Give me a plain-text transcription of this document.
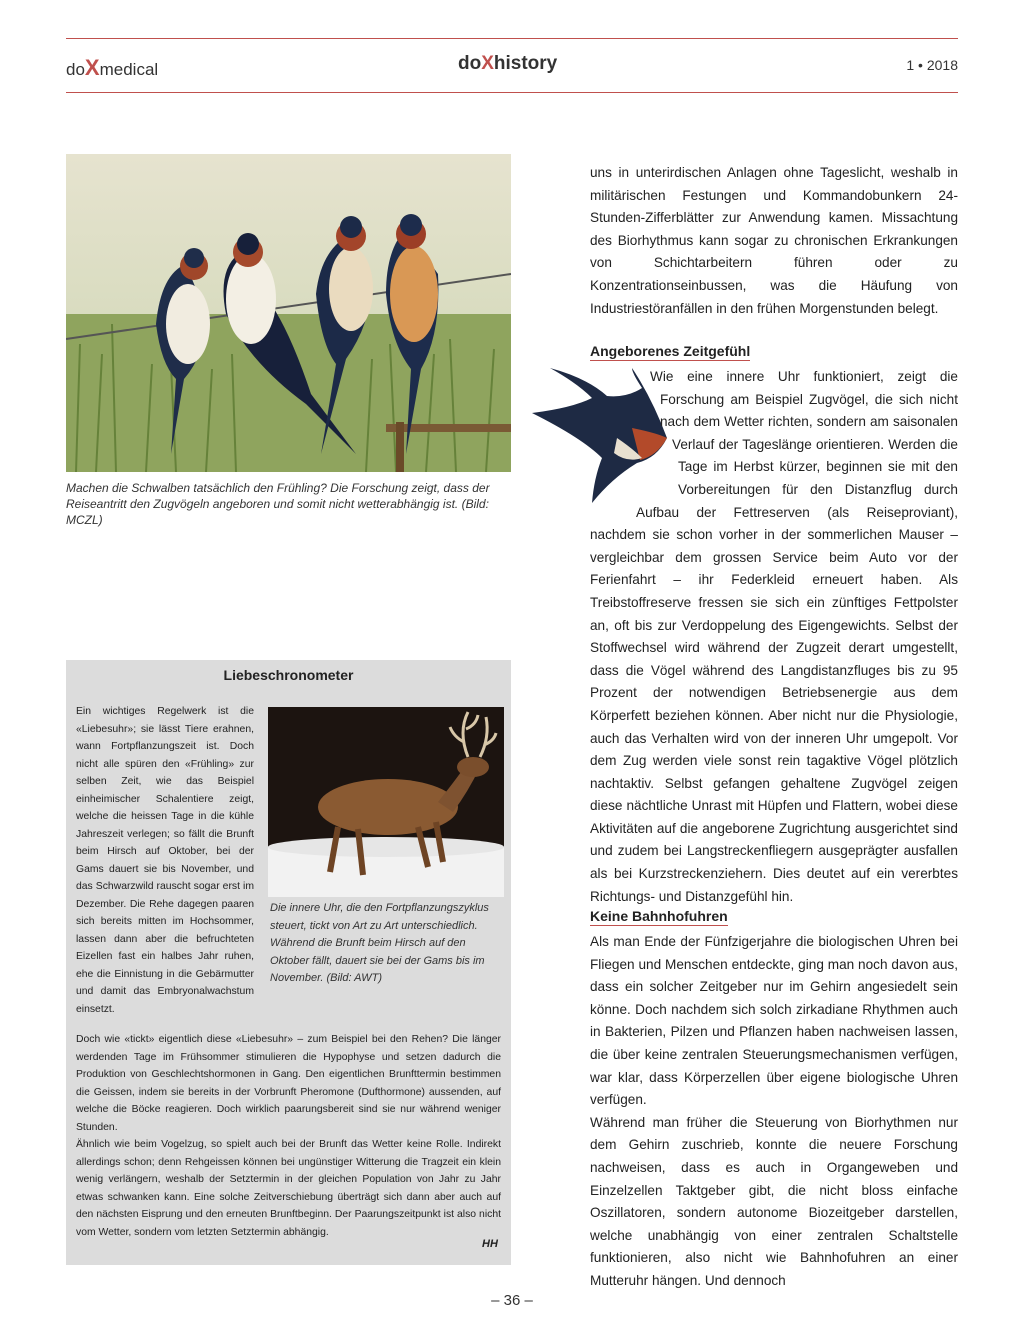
doXmedical	doXhistory	1 • 2018
Machen die Schwalben tatsächlich den Frühling? Die Forschung zeigt, dass der Reiseantritt den Zugvögeln angeboren und somit nicht wetterabhängig ist. (Bild: MCZL)
Liebeschronometer

Ein wichtiges Regelwerk ist die «Liebesuhr»; sie lässt Tiere erahnen, wann Fortpflanzungszeit ist. Doch nicht alle spüren den «Frühling» zur selben Zeit, wie das Beispiel einheimischer Schalentiere zeigt, welche die heissen Tage in die kühle Jahreszeit verlegen; so fällt die Brunft beim Hirsch auf Oktober, bei der Gams dauert sie bis November, und das Schwarzwild rauscht sogar erst im Dezember. Die Rehe dagegen paaren sich bereits mitten im Hochsommer, lassen dann aber die befruchteten Eizellen fast ein halbes Jahr ruhen, ehe die Einnistung in die Gebärmutter und damit das Embryonalwachstum einsetzt.

Die innere Uhr, die den Fortpflanzungszyklus steuert, tickt von Art zu Art unterschiedlich. Während die Brunft beim Hirsch auf den Oktober fällt, dauert sie bei der Gams bis im November. (Bild: AWT)

Doch wie «tickt» eigentlich diese «Liebesuhr» – zum Beispiel bei den Rehen? Die länger werdenden Tage im Frühsommer stimulieren die Hypophyse und setzen dadurch die Produktion von Geschlechtshormonen in Gang. Den eigentlichen Brunfttermin bestimmen die Geissen, indem sie bereits in der Vorbrunft Pheromone (Dufthormone) aussenden, auf welche die Böcke reagieren. Doch wirklich paarungsbereit sind sie nur während weniger Stunden.

Ähnlich wie beim Vogelzug, so spielt auch bei der Brunft das Wetter keine Rolle. Indirekt allerdings schon; denn Rehgeissen können bei ungünstiger Witterung die Tragzeit ein klein wenig verlängern, weshalb der Setztermin in der gleichen Population von Jahr zu Jahr etwas schwanken kann. Eine solche Zeitverschiebung überträgt sich dann aber auch auf den nächsten Eisprung und den erneuten Brunftbeginn. Der Paarungszeitpunkt ist also nicht vom Wetter, sondern vom letzten Setztermin abhängig.

HH

uns in unterirdischen Anlagen ohne Tageslicht, weshalb in militärischen Festungen und Kommandobunkern 24-Stunden-Zifferblätter zur Anwendung kamen. Missachtung des Biorhythmus kann sogar zu chronischen Erkrankungen von Schichtarbeitern führen oder zu Konzentrationseinbussen, was die Häufung von Industriestöranfällen in den frühen Morgenstunden belegt.

Angeborenes Zeitgefühl

Wie eine innere Uhr funktioniert, zeigt die Forschung am Beispiel Zugvögel, die sich nicht nach dem Wetter richten, sondern am saisonalen Verlauf der Tageslänge orientieren. Werden die Tage im Herbst kürzer, beginnen sie mit den Vorbereitungen für den Distanzflug durch Aufbau der Fettreserven (als Reiseproviant), nachdem sie schon vorher in der sommerlichen Mauser – vergleichbar dem grossen Service beim Auto vor der Ferienfahrt – ihr Federkleid erneuert haben. Als Treibstoffreserve fressen sie sich ein zünftiges Fettpolster an, oft bis zur Verdoppelung des Eigengewichts. Selbst der Stoffwechsel wird während der Zugzeit derart umgestellt, dass die Vögel während des Langdistanzfluges bis zu 95 Prozent der notwendigen Betriebsenergie aus dem Körperfett beziehen können. Aber nicht nur die Physiologie, auch das Verhalten wird von der inneren Uhr umgepolt. Vor dem Zug werden viele sonst rein tagaktive Vögel plötzlich nachtaktiv. Selbst gefangen gehaltene Zugvögel zeigen diese nächtliche Unrast mit Hüpfen und Flattern, wobei diese Aktivitäten auf die angeborene Zugrichtung ausgerichtet sind und zudem bei Langstreckenfliegern ausgeprägter ausfallen als bei Kurzstreckenziehern. Dies deutet auf ein vererbtes Richtungs- und Distanzgefühl hin.

Keine Bahnhofuhren

Als man Ende der Fünfzigerjahre die biologischen Uhren bei Fliegen und Menschen entdeckte, ging man noch davon aus, dass ein solcher Zeitgeber nur im Gehirn angesiedelt sein könne. Doch nachdem sich solch zirkadiane Rhythmen auch in Bakterien, Pilzen und Pflanzen haben nachweisen lassen, die über keine zentralen Steuerungsmechanismen verfügen, war klar, dass Körperzellen über eigene biologische Uhren verfügen.

Während man früher die Steuerung von Biorhythmen nur dem Gehirn zuschrieb, konnte die neuere Forschung nachweisen, dass es auch in Organgeweben und Einzelzellen Taktgeber gibt, die nicht bloss einfache Oszillatoren, sondern autonome Biozeitgeber darstellen, welche unabhängig von einer zentralen Schaltstelle funktionieren, also nicht wie Bahnhofuhren an einer Mutteruhr hängen. Und dennoch

– 36 –
